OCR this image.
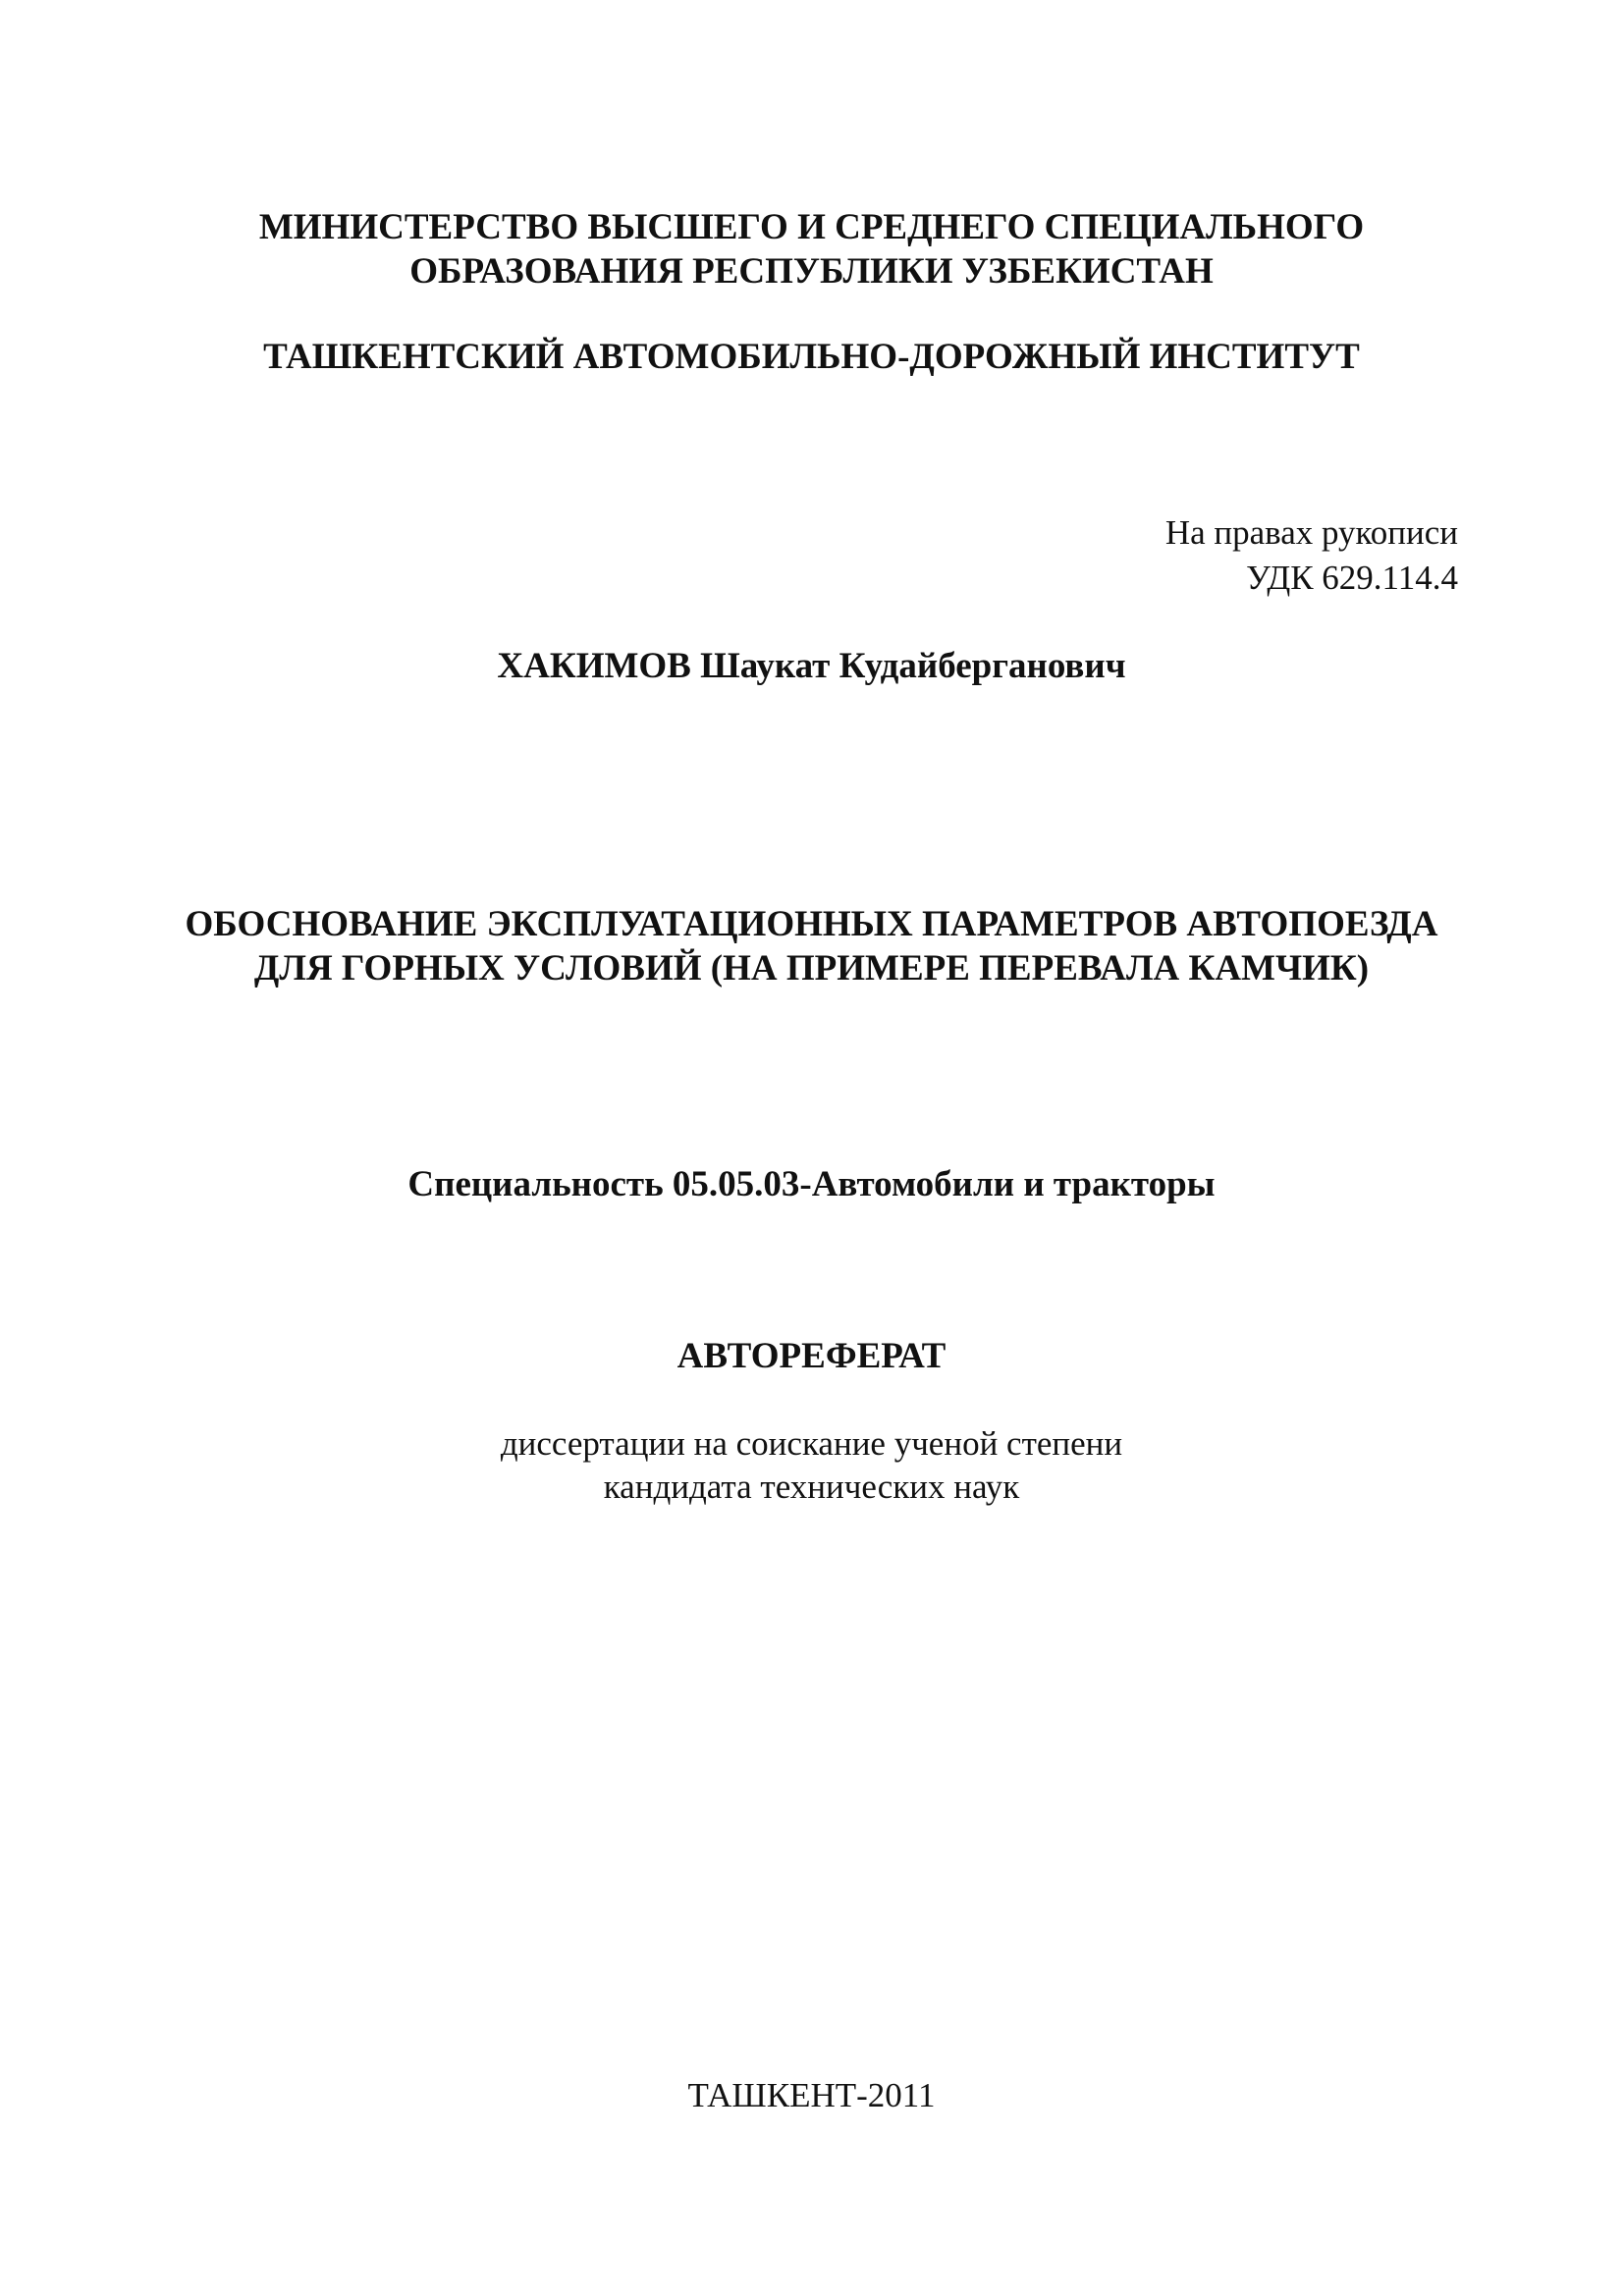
МИНИСТЕРСТВО ВЫСШЕГО И СРЕДНЕГО СПЕЦИАЛЬНОГО
ОБРАЗОВАНИЯ РЕСПУБЛИКИ УЗБЕКИСТАН
ТАШКЕНТСКИЙ АВТОМОБИЛЬНО-ДОРОЖНЫЙ ИНСТИТУТ
На правах рукописи
УДК 629.114.4
ХАКИМОВ Шаукат Кудайберганович
ОБОСНОВАНИЕ ЭКСПЛУАТАЦИОННЫХ ПАРАМЕТРОВ АВТОПОЕЗДА
ДЛЯ ГОРНЫХ УСЛОВИЙ (НА ПРИМЕРЕ ПЕРЕВАЛА КАМЧИК)
Специальность 05.05.03-Автомобили и тракторы
АВТОРЕФЕРАТ
диссертации на соискание ученой степени
кандидата технических наук
ТАШКЕНТ-2011
